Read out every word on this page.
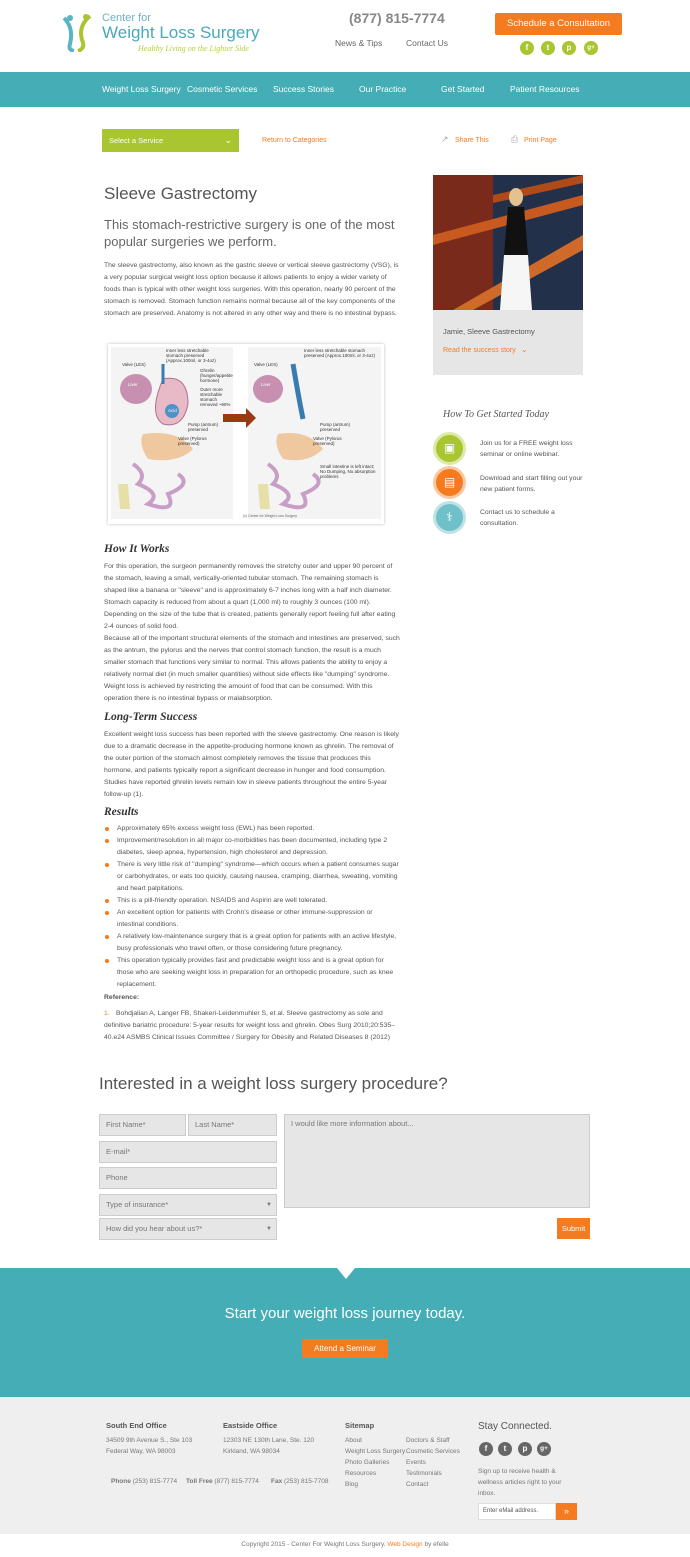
Center for
Weight Loss Surgery
Healthy Living on the Lighter Side
(877) 815-7774
News & Tips	Contact Us
Schedule a Consultation
f	t	p	g+
Weight Loss Surgery Cosmetic Services Success Stories	Our Practice	Get Started	Patient Resources
Select a Service	⌄	Return to Categories	↗ Share This ⎙ Print Page
Sleeve Gastrectomy
This stomach-restrictive surgery is one of the most popular surgeries we perform.

The sleeve gastrectomy, also known as the gastric sleeve or vertical sleeve gastrectomy (VSG), is a very popular surgical weight loss option because it allows patients to enjoy a wider variety of foods than is typical with other weight loss surgeries. With this operation, nearly 90 percent of the stomach is removed. Stomach function remains normal because all of the key components of the stomach are preserved. Anatomy is not altered in any other way and there is no intestinal bypass.

Inner less stretchable stomach preserved (Approx.100ml, or 3-4oz)
Valve (LES)
Ghrelin (hunger/appetite hormone)
Liver
Outer more stretchable stomach removed ~90%
Acid
Pump (antrum) preserved
Valve (Pylorus preserved)
Inner less stretchable stomach preserved (Approx.100ml, or 3-4oz)
Valve (LES)
Liver
Pump (antrum) preserved
Valve (Pylorus preserved)
Small intestine is left intact; No Dumping, No absorption problems
(c) Center for Weight Loss Surgery
How It Works

For this operation, the surgeon permanently removes the stretchy outer and upper 90 percent of the stomach, leaving a small, vertically-oriented tubular stomach. The remaining stomach is shaped like a banana or "sleeve" and is approximately 6-7 inches long with a half inch diameter. Stomach capacity is reduced from about a quart (1,000 ml) to roughly 3 ounces (100 ml). Depending on the size of the tube that is created, patients generally report feeling full after eating 2-4 ounces of solid food.

Because all of the important structural elements of the stomach and intestines are preserved, such as the antrum, the pylorus and the nerves that control stomach function, the result is a much smaller stomach that functions very similar to normal. This allows patients the ability to enjoy a relatively normal diet (in much smaller quantities) without side effects like "dumping" syndrome. Weight loss is achieved by restricting the amount of food that can be consumed. With this operation there is no intestinal bypass or malabsorption.

Long-Term Success

Excellent weight loss success has been reported with the sleeve gastrectomy. One reason is likely due to a dramatic decrease in the appetite-producing hormone known as ghrelin. The removal of the outer portion of the stomach almost completely removes the tissue that produces this hormone, and patients typically report a significant decrease in hunger and food consumption. Studies have reported ghrelin levels remain low in sleeve patients throughout the entire 5-year follow-up (1).

Results
Approximately 65% excess weight loss (EWL) has been reported.
Improvement/resolution in all major co-morbidities has been documented, including type 2 diabetes, sleep apnea, hypertension, high cholesterol and depression.
There is very little risk of "dumping" syndrome—which occurs when a patient consumes sugar or carbohydrates, or eats too quickly, causing nausea, cramping, diarrhea, sweating, vomiting and heart palpitations.
This is a pill-friendly operation. NSAIDS and Aspirin are well tolerated.
An excellent option for patients with Crohn's disease or other immune-suppression or intestinal conditions.
A relatively low-maintenance surgery that is a great option for patients with an active lifestyle, busy professionals who travel often, or those considering future pregnancy.
This operation typically provides fast and predictable weight loss and is a great option for those who are seeking weight loss in preparation for an orthopedic procedure, such as knee replacement.
Reference:
1. Bohdjalian A, Langer FB, Shakeri-Leidenmuhler S, et al. Sleeve gastrectomy as sole and definitive bariatric procedure: 5-year results for weight loss and ghrelin. Obes Surg 2010;20:535– 40.e24 ASMBS Clinical Issues Committee / Surgery for Obesity and Related Diseases 8 (2012)

Jamie, Sleeve Gastrectomy
Read the success story ⌄
How To Get Started Today
▣	Join us for a FREE weight loss seminar or online webinar.
▤	Download and start filling out your new patient forms.
⚕	Contact us to schedule a consultation.
Interested in a weight loss surgery procedure?
First Name*	Last Name*
E-mail*
Phone
Type of insurance*	▼
How did you hear about us?*	▼
I would like more information about...
Submit
Start your weight loss journey today.
Attend a Seminar
South End Office
34509 9th Avenue S., Ste 103
Federal Way, WA 98003
Eastside Office
12303 NE 130th Lane, Ste. 120
Kirkland, WA 98034
Phone (253) 815-7774 Toll Free (877) 815-7774 Fax (253) 815-7708
Sitemap
About
Weight Loss Surgery
Photo Galleries
Resources
Blog
Doctors & Staff
Cosmetic Services
Events
Testimonials
Contact
Stay Connected.
f	t	p	g+
Sign up to receive health & wellness articles right to your inbox.
Enter eMail address.	»
Copyright 2015 - Center For Weight Loss Surgery. Web Design by efelle
